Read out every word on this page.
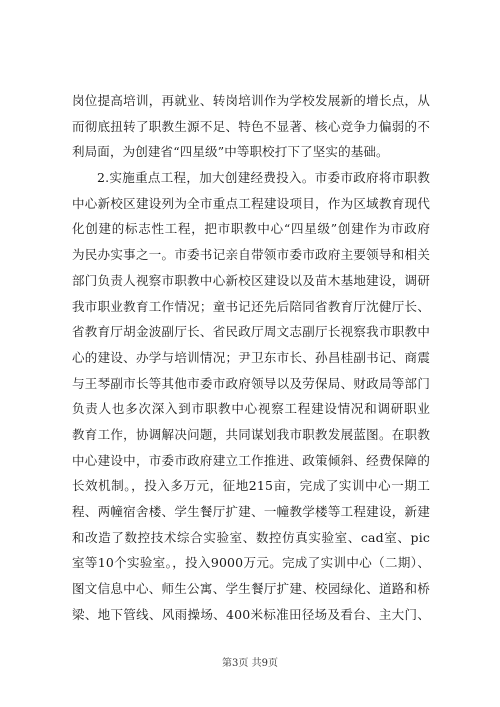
岗位提高培训，再就业、转岗培训作为学校发展新的增长点，从
而彻底扭转了职教生源不足、特色不显著、核心竞争力偏弱的不
利局面，为创建省“四星级”中等职校打下了坚实的基础。
2.实施重点工程，加大创建经费投入。市委市政府将市职教
中心新校区建设列为全市重点工程建设项目，作为区域教育现代
化创建的标志性工程，把市职教中心“四星级”创建作为市政府
为民办实事之一。市委书记亲自带领市委市政府主要领导和相关
部门负责人视察市职教中心新校区建设以及苗木基地建设，调研
我市职业教育工作情况；童书记还先后陪同省教育厅沈健厅长、
省教育厅胡金波副厅长、省民政厅周文志副厅长视察我市职教中
心的建设、办学与培训情况；尹卫东市长、孙昌桂副书记、商震
与王琴副市长等其他市委市政府领导以及劳保局、财政局等部门
负责人也多次深入到市职教中心视察工程建设情况和调研职业
教育工作，协调解决问题，共同谋划我市职教发展蓝图。在职教
中心建设中，市委市政府建立工作推进、政策倾斜、经费保障的
长效机制。，投入多万元，征地215亩，完成了实训中心一期工
程、两幢宿舍楼、学生餐厅扩建、一幢教学楼等工程建设，新建
和改造了数控技术综合实验室、数控仿真实验室、cad室、pic
室等10个实验室。，投入9000万元。完成了实训中心（二期）、
图文信息中心、师生公寓、学生餐厅扩建、校园绿化、道路和桥
梁、地下管线、风雨操场、400米标准田径场及看台、主大门、
第3页 共9页
